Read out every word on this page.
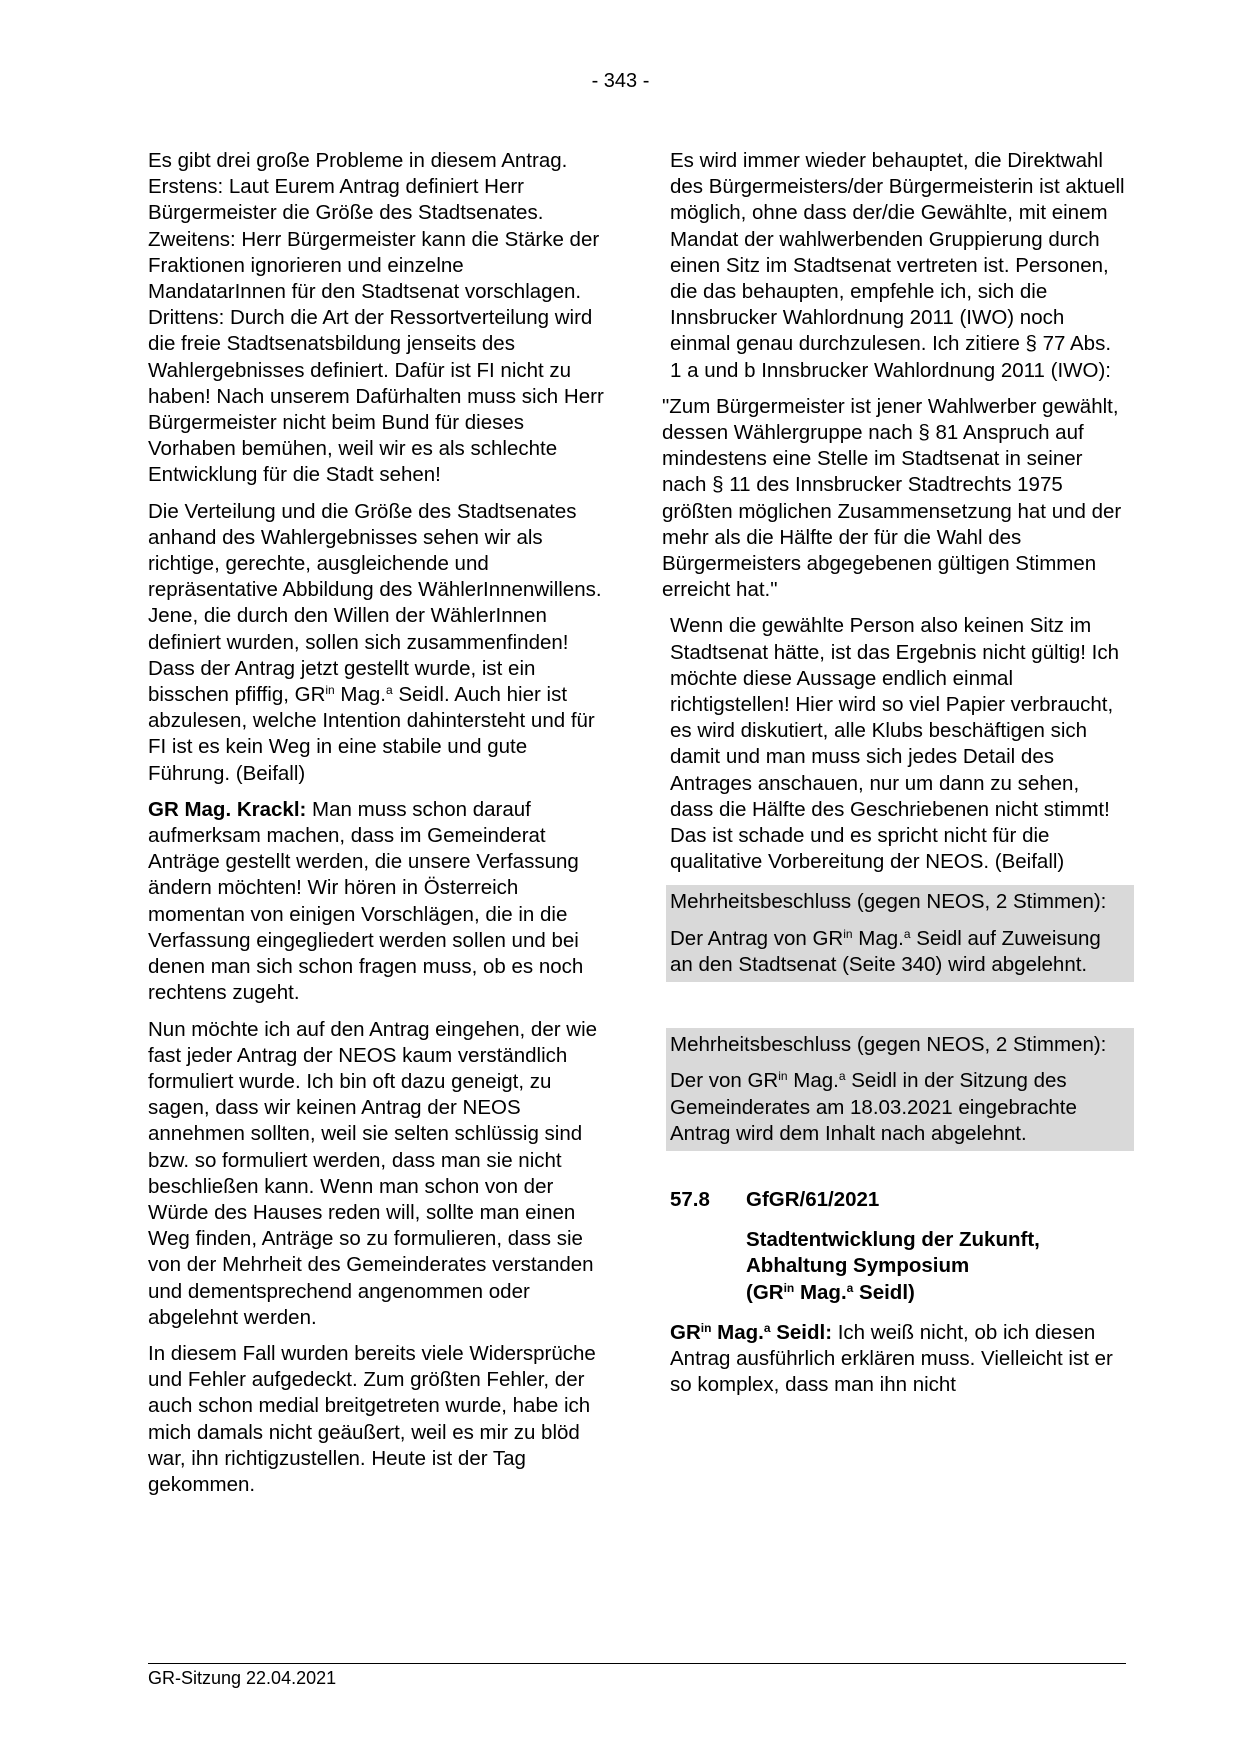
- 343 -

Es gibt drei große Probleme in diesem Antrag. Erstens: Laut Eurem Antrag definiert Herr Bürgermeister die Größe des Stadtsenates. Zweitens: Herr Bürgermeister kann die Stärke der Fraktionen ignorieren und einzelne MandatarInnen für den Stadtsenat vorschlagen. Drittens: Durch die Art der Ressortverteilung wird die freie Stadtsenatsbildung jenseits des Wahlergebnisses definiert. Dafür ist FI nicht zu haben! Nach unserem Dafürhalten muss sich Herr Bürgermeister nicht beim Bund für dieses Vorhaben bemühen, weil wir es als schlechte Entwicklung für die Stadt sehen!

Die Verteilung und die Größe des Stadtsenates anhand des Wahlergebnisses sehen wir als richtige, gerechte, ausgleichende und repräsentative Abbildung des WählerInnenwillens. Jene, die durch den Willen der WählerInnen definiert wurden, sollen sich zusammenfinden! Dass der Antrag jetzt gestellt wurde, ist ein bisschen pfiffig, $GR^{in}$ Mag.$^a$ Seidl. Auch hier ist abzulesen, welche Intention dahintersteht und für FI ist es kein Weg in eine stabile und gute Führung. (Beifall)

GR Mag. Krackl: Man muss schon darauf aufmerksam machen, dass im Gemeinderat Anträge gestellt werden, die unsere Verfassung ändern möchten! Wir hören in Österreich momentan von einigen Vorschlägen, die in die Verfassung eingegliedert werden sollen und bei denen man sich schon fragen muss, ob es noch rechtens zugeht.

Nun möchte ich auf den Antrag eingehen, der wie fast jeder Antrag der NEOS kaum verständlich formuliert wurde. Ich bin oft dazu geneigt, zu sagen, dass wir keinen Antrag der NEOS annehmen sollten, weil sie selten schlüssig sind bzw. so formuliert werden, dass man sie nicht beschließen kann. Wenn man schon von der Würde des Hauses reden will, sollte man einen Weg finden, Anträge so zu formulieren, dass sie von der Mehrheit des Gemeinderates verstanden und dementsprechend angenommen oder abgelehnt werden.

In diesem Fall wurden bereits viele Widersprüche und Fehler aufgedeckt. Zum größten Fehler, der auch schon medial breitgetreten wurde, habe ich mich damals nicht geäußert, weil es mir zu blöd war, ihn richtigzustellen. Heute ist der Tag gekommen.

Es wird immer wieder behauptet, die Direktwahl des Bürgermeisters/der Bürgermeisterin ist aktuell möglich, ohne dass der/die Gewählte, mit einem Mandat der wahlwerbenden Gruppierung durch einen Sitz im Stadtsenat vertreten ist. Personen, die das behaupten, empfehle ich, sich die Innsbrucker Wahlordnung 2011 (IWO) noch einmal genau durchzulesen. Ich zitiere § 77 Abs. 1 a und b Innsbrucker Wahlordnung 2011 (IWO):

"Zum Bürgermeister ist jener Wahlwerber gewählt, dessen Wählergruppe nach § 81 Anspruch auf mindestens eine Stelle im Stadtsenat in seiner nach § 11 des Innsbrucker Stadtrechts 1975 größten möglichen Zusammensetzung hat und der mehr als die Hälfte der für die Wahl des Bürgermeisters abgegebenen gültigen Stimmen erreicht hat."

Wenn die gewählte Person also keinen Sitz im Stadtsenat hätte, ist das Ergebnis nicht gültig! Ich möchte diese Aussage endlich einmal richtigstellen! Hier wird so viel Papier verbraucht, es wird diskutiert, alle Klubs beschäftigen sich damit und man muss sich jedes Detail des Antrages anschauen, nur um dann zu sehen, dass die Hälfte des Geschriebenen nicht stimmt! Das ist schade und es spricht nicht für die qualitative Vorbereitung der NEOS. (Beifall)

Mehrheitsbeschluss (gegen NEOS, 2 Stimmen):

Der Antrag von $GR^{in}$ Mag.$^a$ Seidl auf Zuweisung an den Stadtsenat (Seite 340) wird abgelehnt.

Mehrheitsbeschluss (gegen NEOS, 2 Stimmen):

Der von $GR^{in}$ Mag.$^a$ Seidl in der Sitzung des Gemeinderates am 18.03.2021 eingebrachte Antrag wird dem Inhalt nach abgelehnt.

57.8	GfGR/61/2021
Stadtentwicklung der Zukunft,
Abhaltung Symposium
($GR^{in}$ Mag.$^a$ Seidl)

$GR^{in}$ Mag.$^a$ Seidl: Ich weiß nicht, ob ich diesen Antrag ausführlich erklären muss. Vielleicht ist er so komplex, dass man ihn nicht

GR-Sitzung 22.04.2021
